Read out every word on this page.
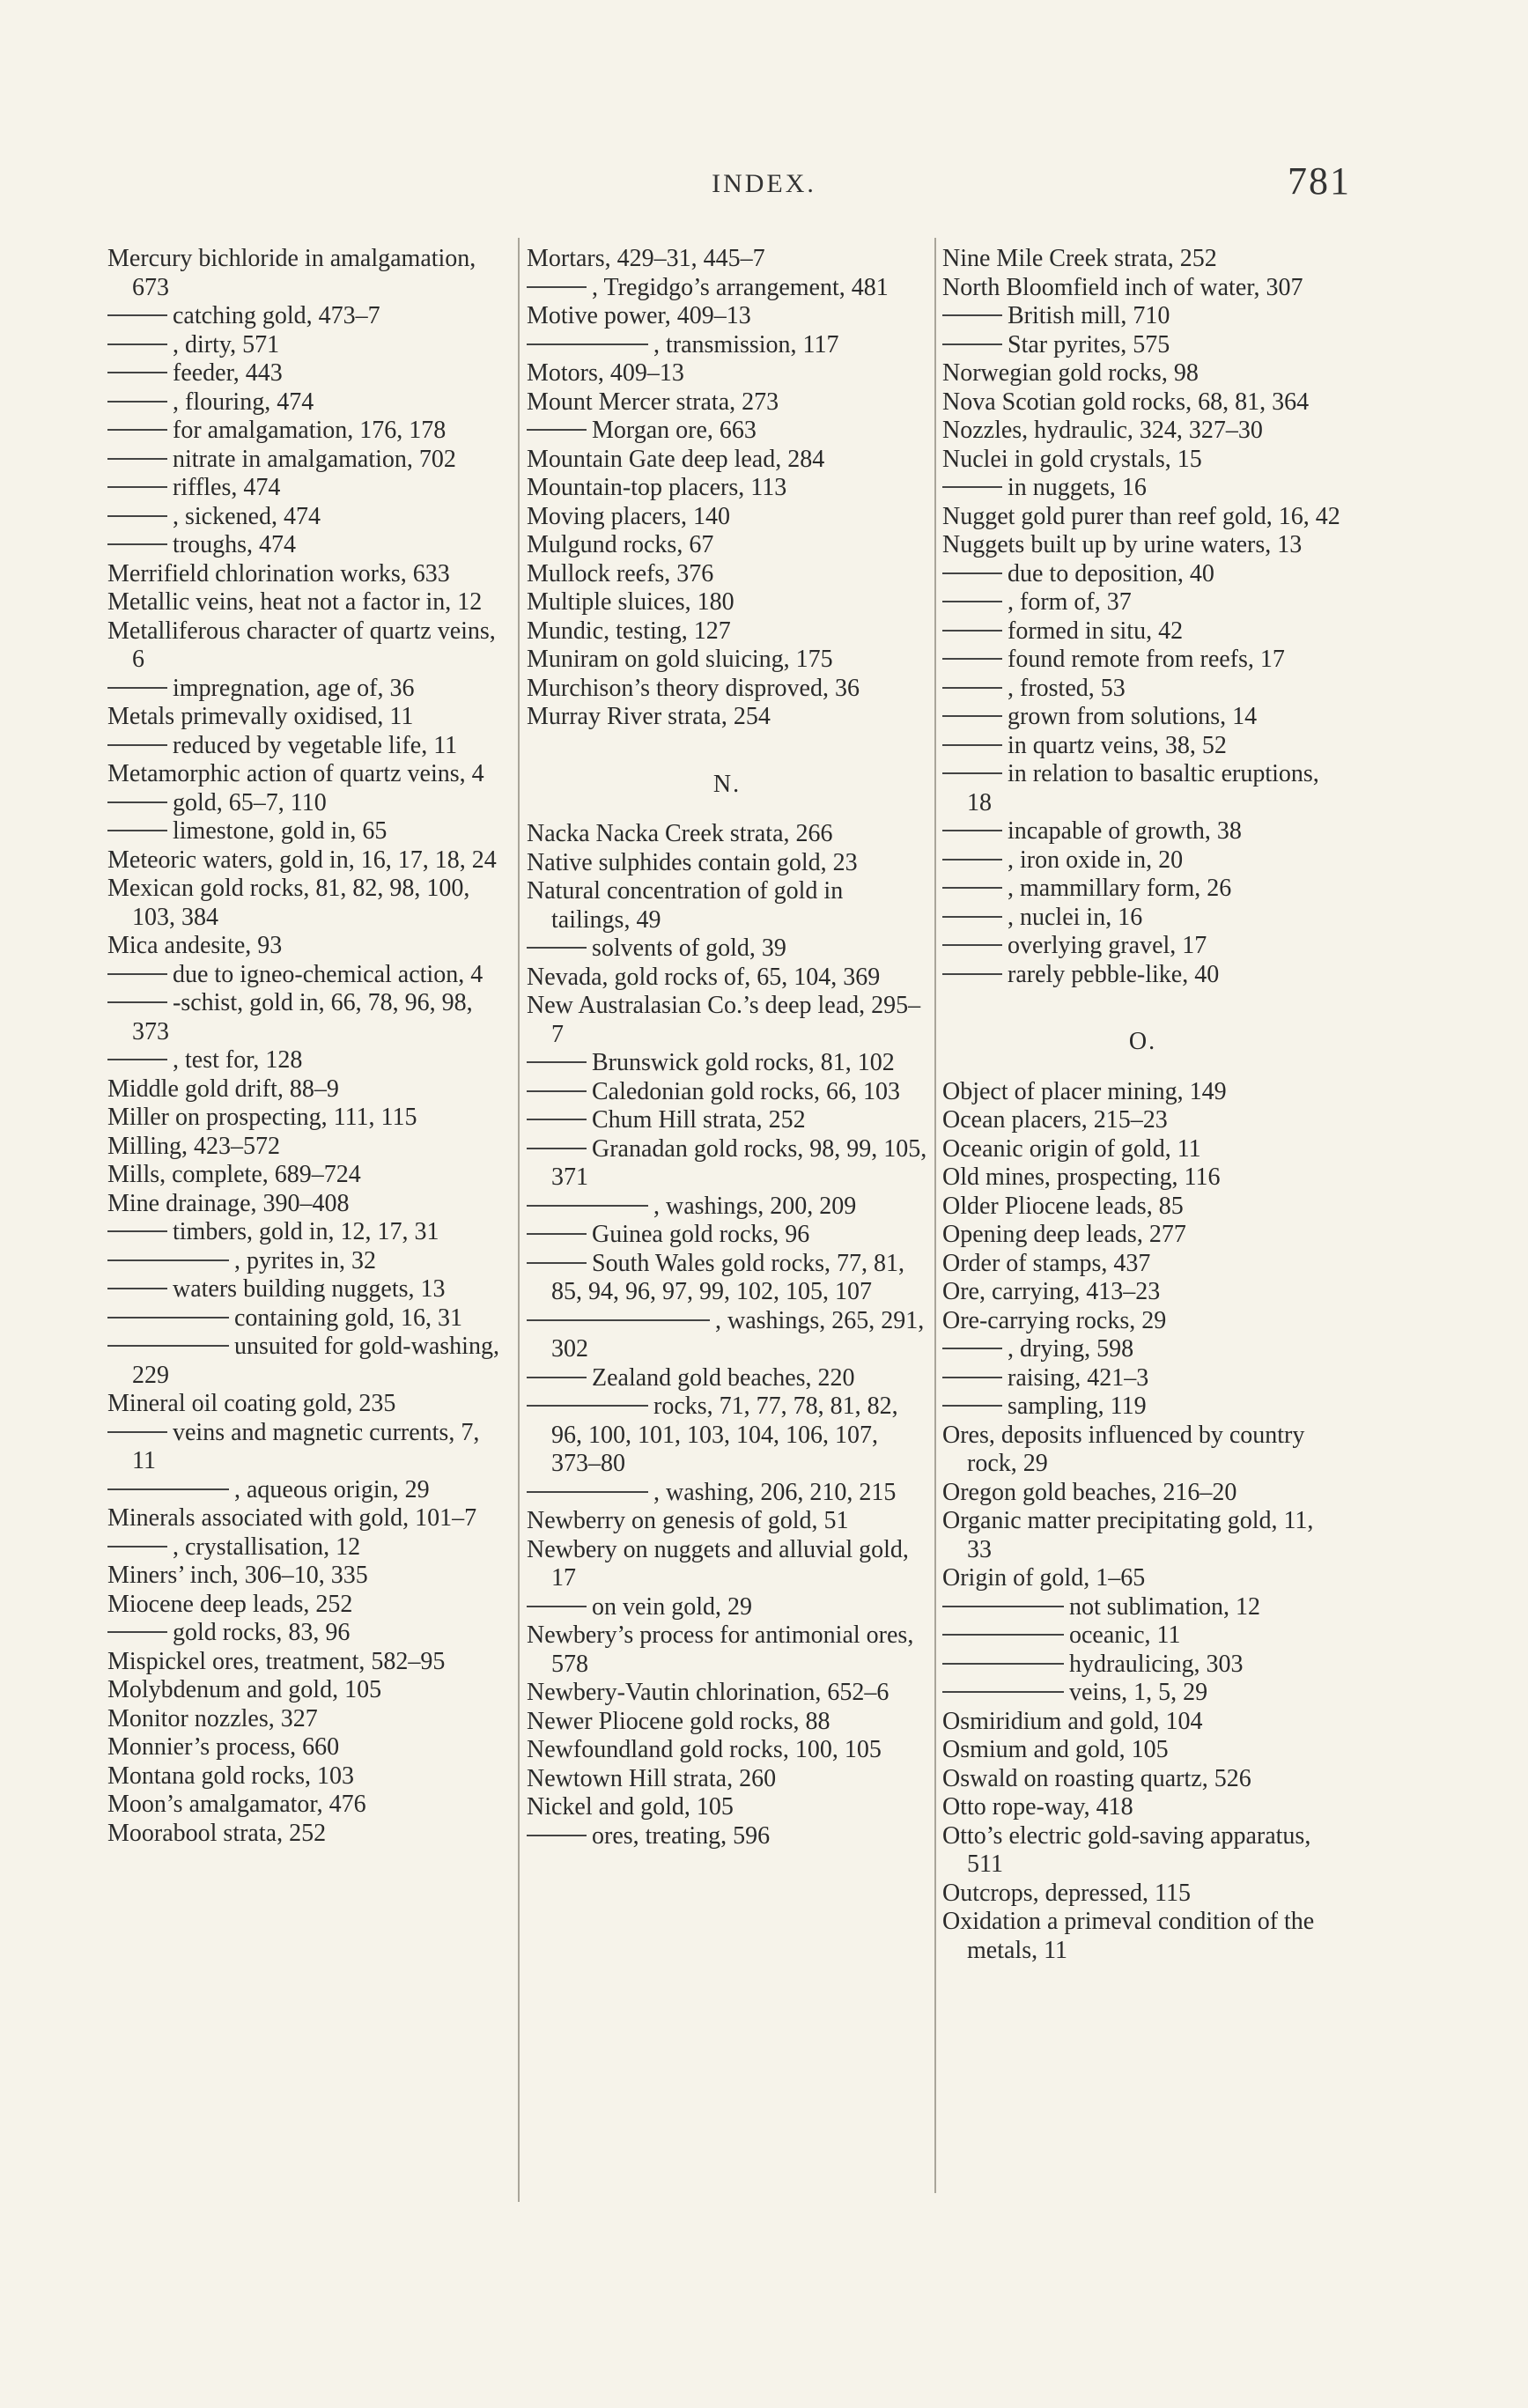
INDEX.	781
Mercury bichloride in amalgamation, 673
catching gold, 473–7
, dirty, 571
feeder, 443
, flouring, 474
for amalgamation, 176, 178
nitrate in amalgamation, 702
riffles, 474
, sickened, 474
troughs, 474
Merrifield chlorination works, 633
Metallic veins, heat not a factor in, 12
Metalliferous character of quartz veins, 6
impregnation, age of, 36
Metals primevally oxidised, 11
reduced by vegetable life, 11
Metamorphic action of quartz veins, 4
gold, 65–7, 110
limestone, gold in, 65
Meteoric waters, gold in, 16, 17, 18, 24
Mexican gold rocks, 81, 82, 98, 100, 103, 384
Mica andesite, 93
due to igneo-chemical action, 4
-schist, gold in, 66, 78, 96, 98, 373
, test for, 128
Middle gold drift, 88–9
Miller on prospecting, 111, 115
Milling, 423–572
Mills, complete, 689–724
Mine drainage, 390–408
timbers, gold in, 12, 17, 31
, pyrites in, 32
waters building nuggets, 13
containing gold, 16, 31
unsuited for gold-washing, 229
Mineral oil coating gold, 235
veins and magnetic currents, 7, 11
, aqueous origin, 29
Minerals associated with gold, 101–7
, crystallisation, 12
Miners’ inch, 306–10, 335
Miocene deep leads, 252
gold rocks, 83, 96
Mispickel ores, treatment, 582–95
Molybdenum and gold, 105
Monitor nozzles, 327
Monnier’s process, 660
Montana gold rocks, 103
Moon’s amalgamator, 476
Moorabool strata, 252
Mortars, 429–31, 445–7
, Tregidgo’s arrangement, 481
Motive power, 409–13
, transmission, 117
Motors, 409–13
Mount Mercer strata, 273
Morgan ore, 663
Mountain Gate deep lead, 284
Mountain-top placers, 113
Moving placers, 140
Mulgund rocks, 67
Mullock reefs, 376
Multiple sluices, 180
Mundic, testing, 127
Muniram on gold sluicing, 175
Murchison’s theory disproved, 36
Murray River strata, 254
N.
Nacka Nacka Creek strata, 266
Native sulphides contain gold, 23
Natural concentration of gold in tailings, 49
solvents of gold, 39
Nevada, gold rocks of, 65, 104, 369
New Australasian Co.’s deep lead, 295–7
Brunswick gold rocks, 81, 102
Caledonian gold rocks, 66, 103
Chum Hill strata, 252
Granadan gold rocks, 98, 99, 105, 371
, washings, 200, 209
Guinea gold rocks, 96
South Wales gold rocks, 77, 81, 85, 94, 96, 97, 99, 102, 105, 107
, washings, 265, 291, 302
Zealand gold beaches, 220
rocks, 71, 77, 78, 81, 82, 96, 100, 101, 103, 104, 106, 107, 373–80
, washing, 206, 210, 215
Newberry on genesis of gold, 51
Newbery on nuggets and alluvial gold, 17
on vein gold, 29
Newbery’s process for antimonial ores, 578
Newbery-Vautin chlorination, 652–6
Newer Pliocene gold rocks, 88
Newfoundland gold rocks, 100, 105
Newtown Hill strata, 260
Nickel and gold, 105
ores, treating, 596
Nine Mile Creek strata, 252
North Bloomfield inch of water, 307
British mill, 710
Star pyrites, 575
Norwegian gold rocks, 98
Nova Scotian gold rocks, 68, 81, 364
Nozzles, hydraulic, 324, 327–30
Nuclei in gold crystals, 15
in nuggets, 16
Nugget gold purer than reef gold, 16, 42
Nuggets built up by urine waters, 13
due to deposition, 40
, form of, 37
formed in situ, 42
found remote from reefs, 17
, frosted, 53
grown from solutions, 14
in quartz veins, 38, 52
in relation to basaltic eruptions, 18
incapable of growth, 38
, iron oxide in, 20
, mammillary form, 26
, nuclei in, 16
overlying gravel, 17
rarely pebble-like, 40
O.
Object of placer mining, 149
Ocean placers, 215–23
Oceanic origin of gold, 11
Old mines, prospecting, 116
Older Pliocene leads, 85
Opening deep leads, 277
Order of stamps, 437
Ore, carrying, 413–23
Ore-carrying rocks, 29
, drying, 598
raising, 421–3
sampling, 119
Ores, deposits influenced by country rock, 29
Oregon gold beaches, 216–20
Organic matter precipitating gold, 11, 33
Origin of gold, 1–65
not sublimation, 12
oceanic, 11
hydraulicing, 303
veins, 1, 5, 29
Osmiridium and gold, 104
Osmium and gold, 105
Oswald on roasting quartz, 526
Otto rope-way, 418
Otto’s electric gold-saving apparatus, 511
Outcrops, depressed, 115
Oxidation a primeval condition of the metals, 11
